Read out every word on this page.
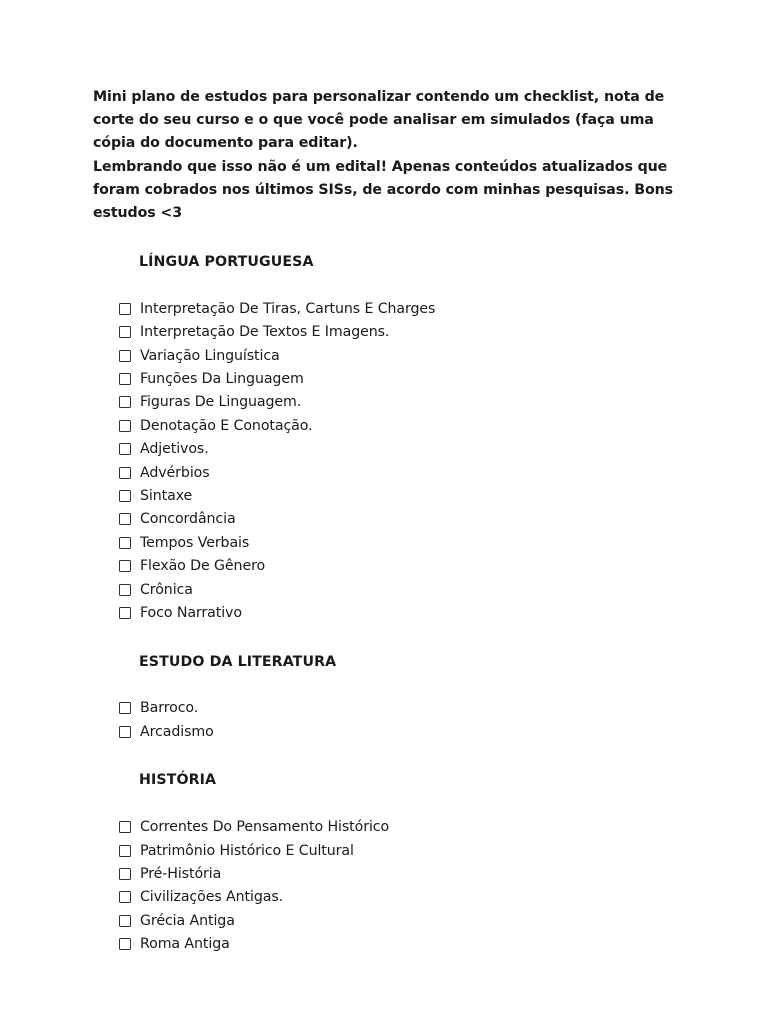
Mini plano de estudos para personalizar contendo um checklist, nota de corte do seu curso e o que você pode analisar em simulados (faça uma cópia do documento para editar).

Lembrando que isso não é um edital! Apenas conteúdos atualizados que foram cobrados nos últimos SISs, de acordo com minhas pesquisas. Bons estudos <3

LÍNGUA PORTUGUESA
Interpretação De Tiras, Cartuns E Charges
Interpretação De Textos E Imagens.
Variação Linguística
Funções Da Linguagem
Figuras De Linguagem.
Denotação E Conotação.
Adjetivos.
Advérbios
Sintaxe
Concordância
Tempos Verbais
Flexão De Gênero
Crônica
Foco Narrativo
ESTUDO DA LITERATURA
Barroco.
Arcadismo
HISTÓRIA
Correntes Do Pensamento Histórico
Patrimônio Histórico E Cultural
Pré-História
Civilizações Antigas.
Grécia Antiga
Roma Antiga
